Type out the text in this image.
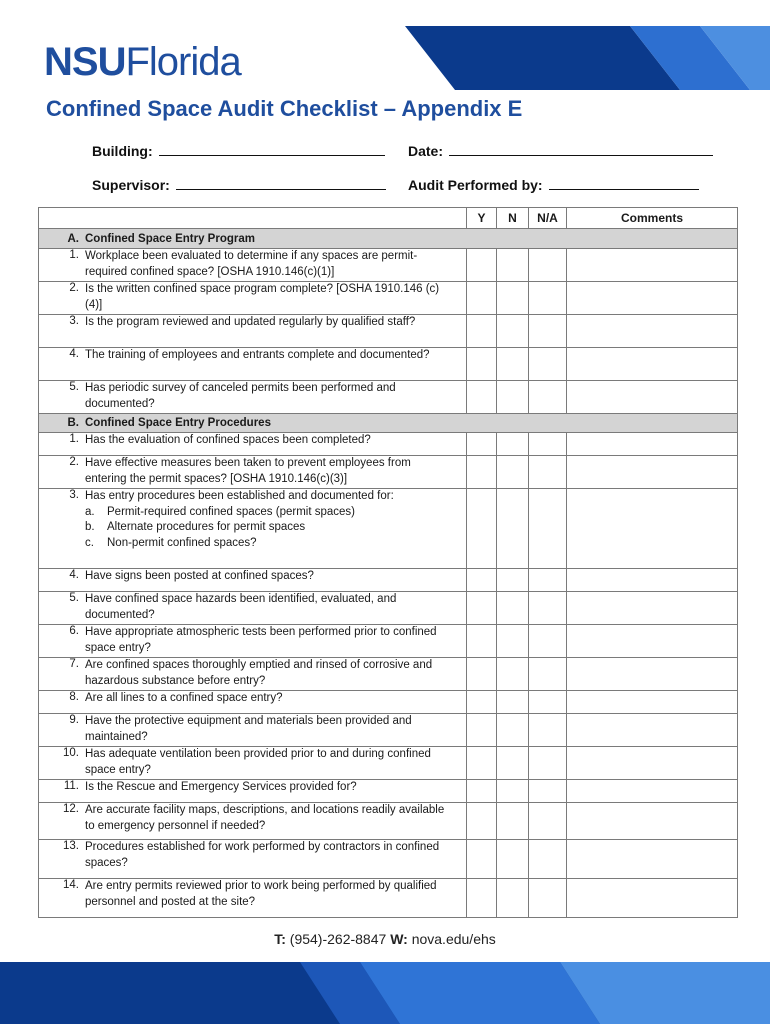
NSUFlorida
Confined Space Audit Checklist – Appendix E
Building:	Date:
Supervisor:	Audit Performed by:
	Y	N	N/A	Comments
A. Confined Space Entry Program				
1. Workplace been evaluated to determine if any spaces are permit-required confined space? [OSHA 1910.146(c)(1)]				
2. Is the written confined space program complete? [OSHA 1910.146 (c)(4)]				
3. Is the program reviewed and updated regularly by qualified staff?				
4. The training of employees and entrants complete and documented?				
5. Has periodic survey of canceled permits been performed and documented?				
B. Confined Space Entry Procedures				
1. Has the evaluation of confined spaces been completed?				
2. Have effective measures been taken to prevent employees from entering the permit spaces? [OSHA 1910.146(c)(3)]				
3. Has entry procedures been established and documented for:
a. Permit-required confined spaces (permit spaces)
b. Alternate procedures for permit spaces
c. Non-permit confined spaces?				

4. Have signs been posted at confined spaces?				
5. Have confined space hazards been identified, evaluated, and documented?				
6. Have appropriate atmospheric tests been performed prior to confined space entry?				
7. Are confined spaces thoroughly emptied and rinsed of corrosive and hazardous substance before entry?				
8. Are all lines to a confined space entry?				
9. Have the protective equipment and materials been provided and maintained?				
10. Has adequate ventilation been provided prior to and during confined space entry?				
11. Is the Rescue and Emergency Services provided for?				
12. Are accurate facility maps, descriptions, and locations readily available to emergency personnel if needed?				
13. Procedures established for work performed by contractors in confined spaces?				
14. Are entry permits reviewed prior to work being performed by qualified personnel and posted at the site?				
T: (954)-262-8847 W: nova.edu/ehs
